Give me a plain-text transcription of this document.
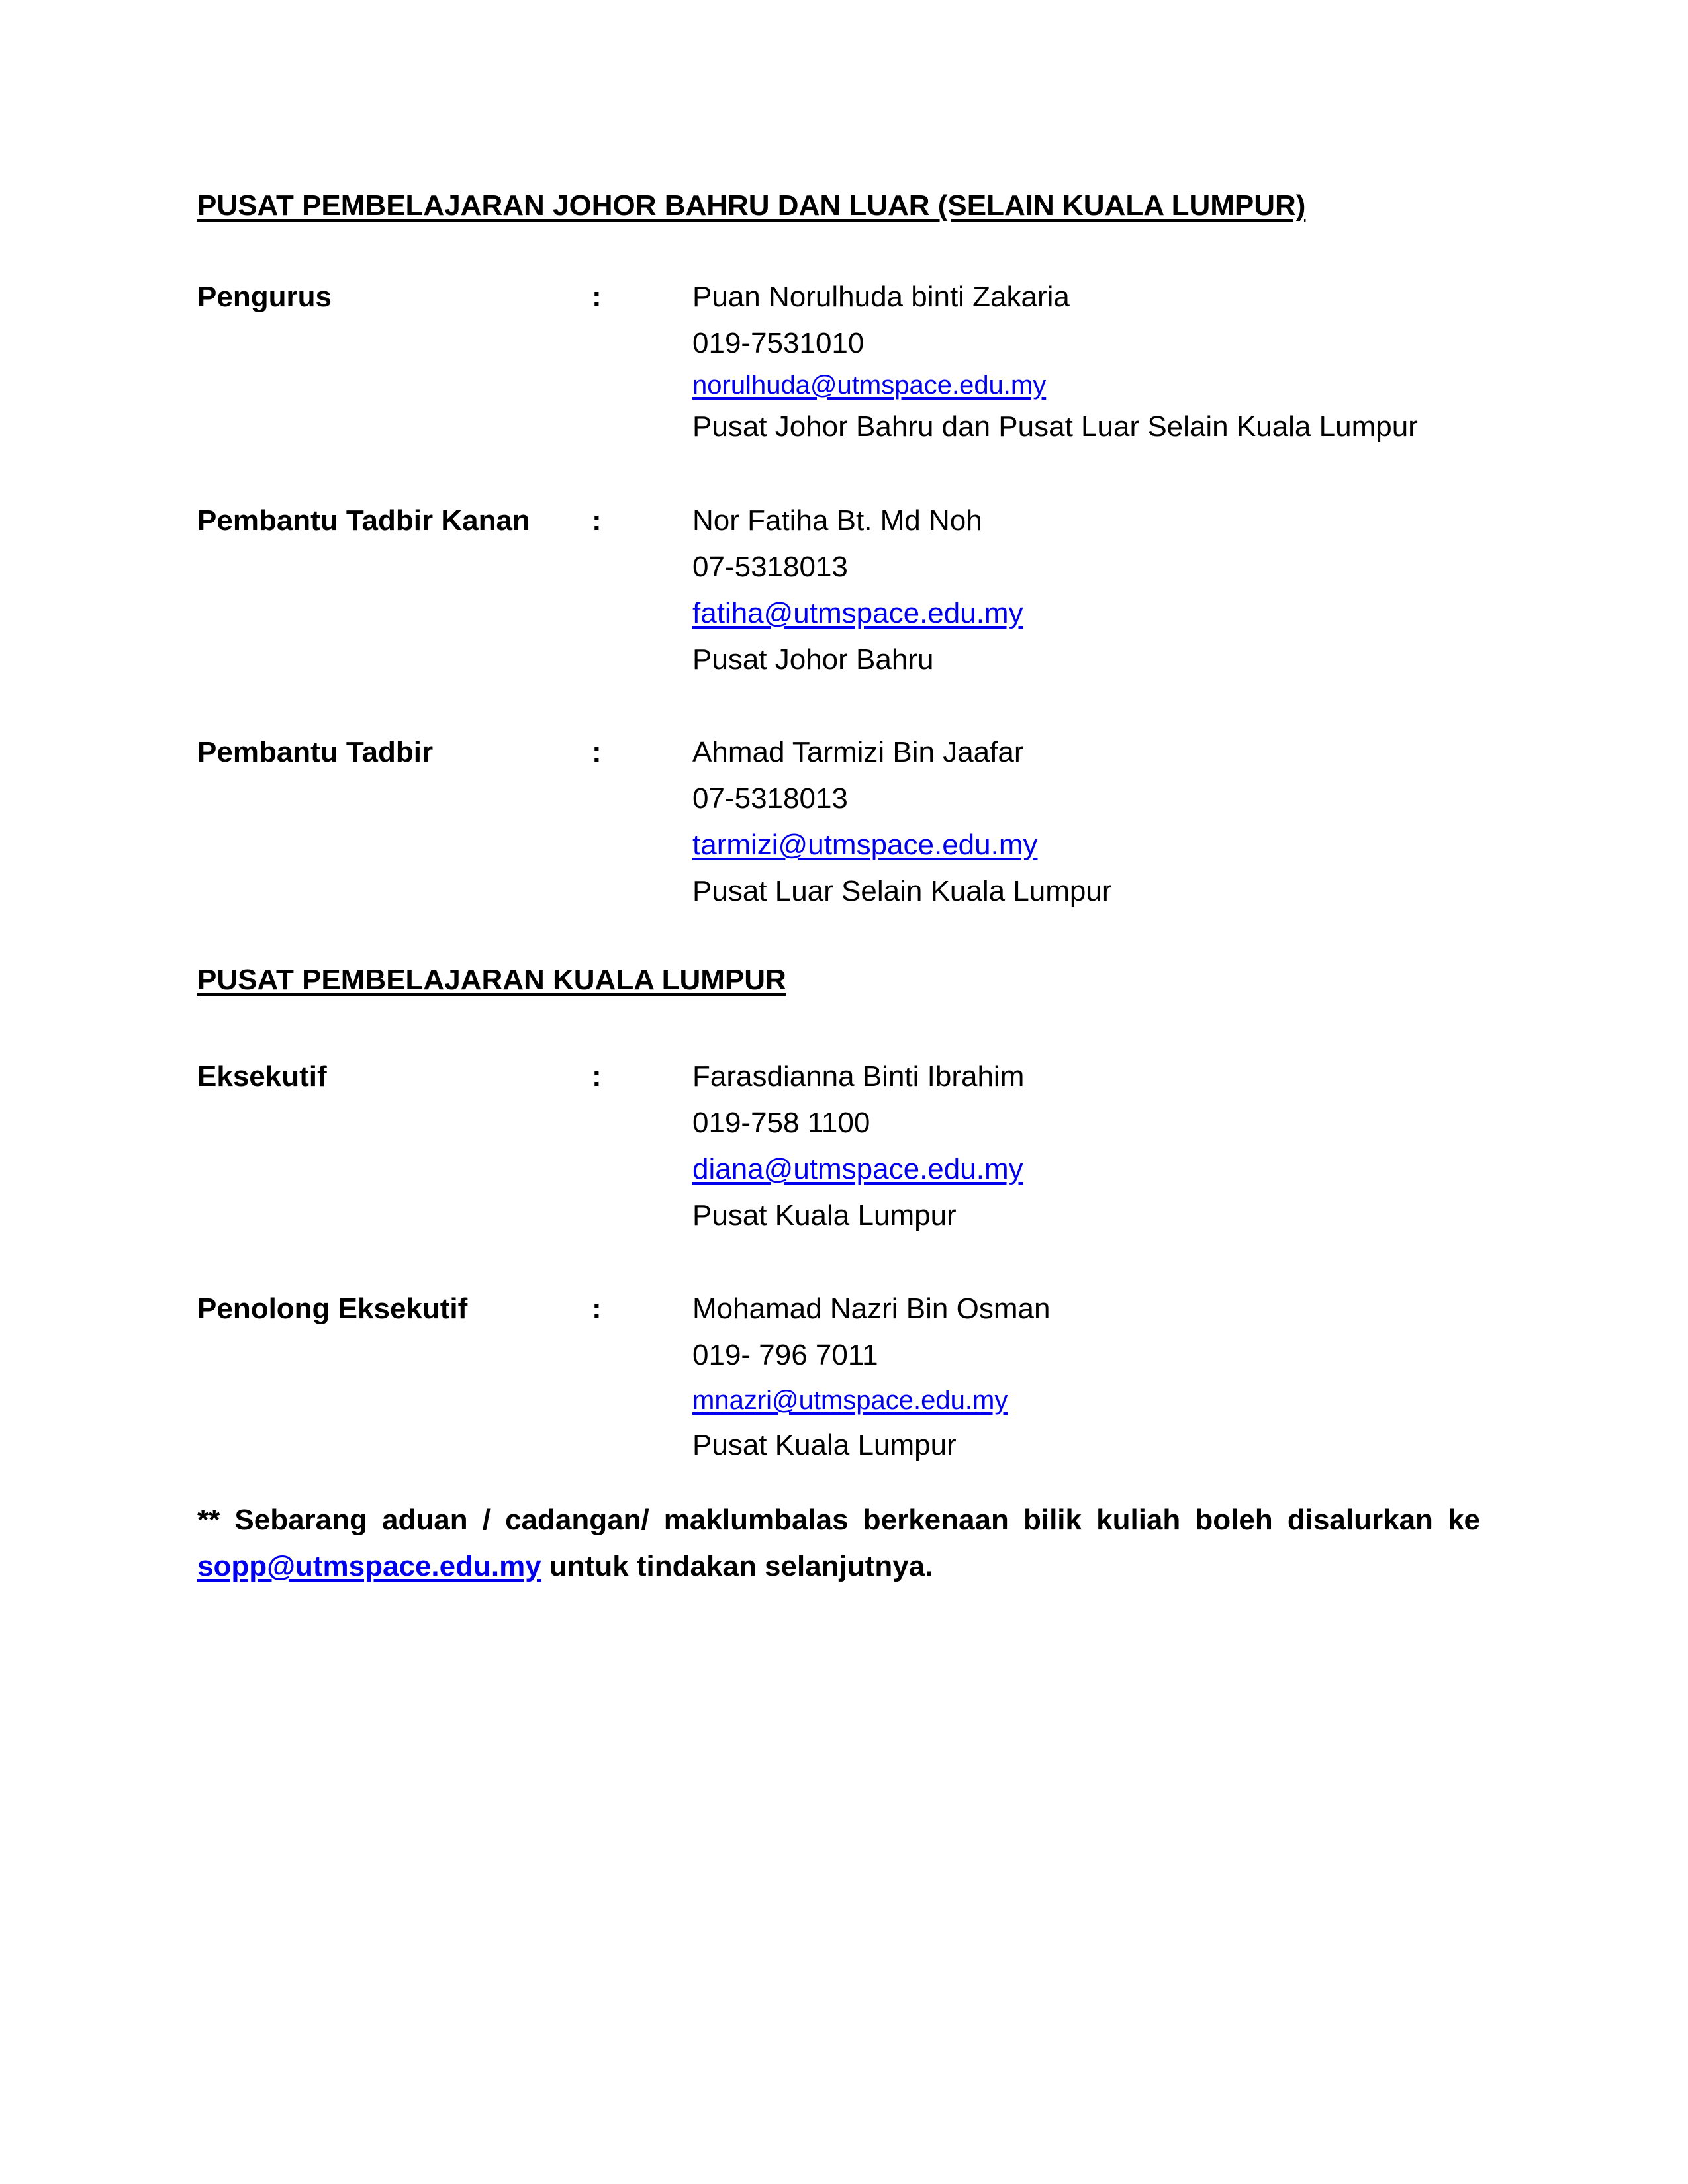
PUSAT PEMBELAJARAN JOHOR BAHRU DAN LUAR (SELAIN KUALA LUMPUR)
Pengurus	:	Puan Norulhuda binti Zakaria
019-7531010
norulhuda@utmspace.edu.my
Pusat Johor Bahru dan Pusat Luar Selain Kuala Lumpur
Pembantu Tadbir Kanan :	Nor Fatiha Bt. Md Noh
07-5318013
fatiha@utmspace.edu.my
Pusat Johor Bahru
Pembantu Tadbir	:	Ahmad Tarmizi Bin Jaafar
07-5318013
tarmizi@utmspace.edu.my
Pusat Luar Selain Kuala Lumpur
PUSAT PEMBELAJARAN KUALA LUMPUR
Eksekutif	:	Farasdianna Binti Ibrahim
019-758 1100
diana@utmspace.edu.my
Pusat Kuala Lumpur
Penolong Eksekutif	:	Mohamad Nazri Bin Osman
019- 796 7011
mnazri@utmspace.edu.my
Pusat Kuala Lumpur
** Sebarang aduan / cadangan/ maklumbalas berkenaan bilik kuliah boleh disalurkan ke sopp@utmspace.edu.my untuk tindakan selanjutnya.
